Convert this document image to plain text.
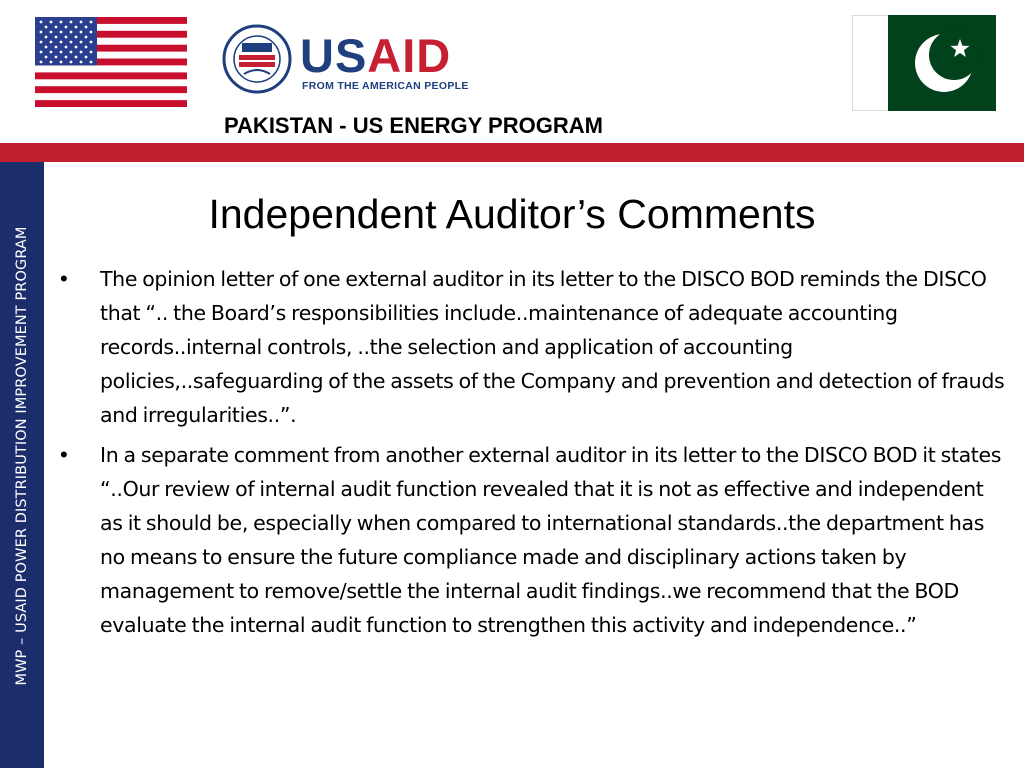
USAID
FROM THE AMERICAN PEOPLE
PAKISTAN - US ENERGY PROGRAM
MWP – USAID POWER DISTRIBUTION IMPROVEMENT PROGRAM
Independent Auditor’s Comments
• The opinion letter of one external auditor in its letter to the DISCO BOD reminds the DISCO that “.. the Board’s responsibilities include..maintenance of adequate accounting records..internal controls, ..the selection and application of accounting policies,..safeguarding of the assets of the Company and prevention and detection of frauds and irregularities..”.
• In a separate comment from another external auditor in its letter to the DISCO BOD it states “..Our review of internal audit function revealed that it is not as effective and independent as it should be, especially when compared to international standards..the department has no means to ensure the future compliance made and disciplinary actions taken by management to remove/settle the internal audit findings..we recommend that the BOD evaluate the internal audit function to strengthen this activity and independence..”
